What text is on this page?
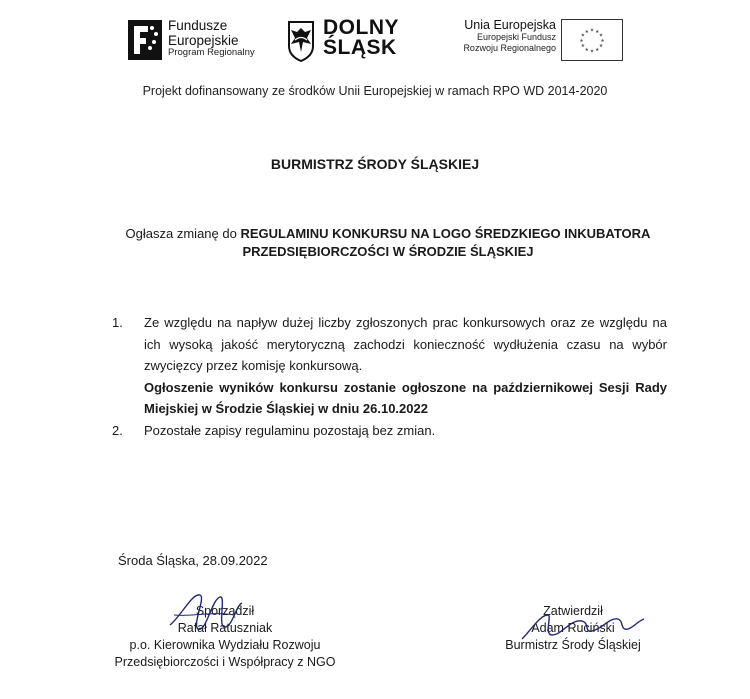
Fundusze
Europejskie
Program Regionalny
DOLNY
ŚLĄSK
Unia Europejska
Europejski Fundusz
Rozwoju Regionalnego
★ ★
★
★
★
★
★
★
★
★
★
★
Projekt dofinansowany ze środków Unii Europejskiej w ramach RPO WD 2014-2020
BURMISTRZ ŚRODY ŚLĄSKIEJ
Ogłasza zmianę do REGULAMINU KONKURSU NA LOGO ŚREDZKIEGO INKUBATORA PRZEDSIĘBIORCZOŚCI W ŚRODZIE ŚLĄSKIEJ
1. Ze względu na napływ dużej liczby zgłoszonych prac konkursowych oraz ze względu na ich wysoką jakość merytoryczną zachodzi konieczność wydłużenia czasu na wybór zwycięzcy przez komisję konkursową.
Ogłoszenie wyników konkursu zostanie ogłoszone na październikowej Sesji Rady Miejskiej w Środzie Śląskiej w dniu 26.10.2022
2. Pozostałe zapisy regulaminu pozostają bez zmian.
Środa Śląska, 28.09.2022
Sporządził
Rafał Ratuszniak
p.o. Kierownika Wydziału Rozwoju
Przedsiębiorczości i Współpracy z NGO
Zatwierdził
Adam Ruciński
Burmistrz Środy Śląskiej
